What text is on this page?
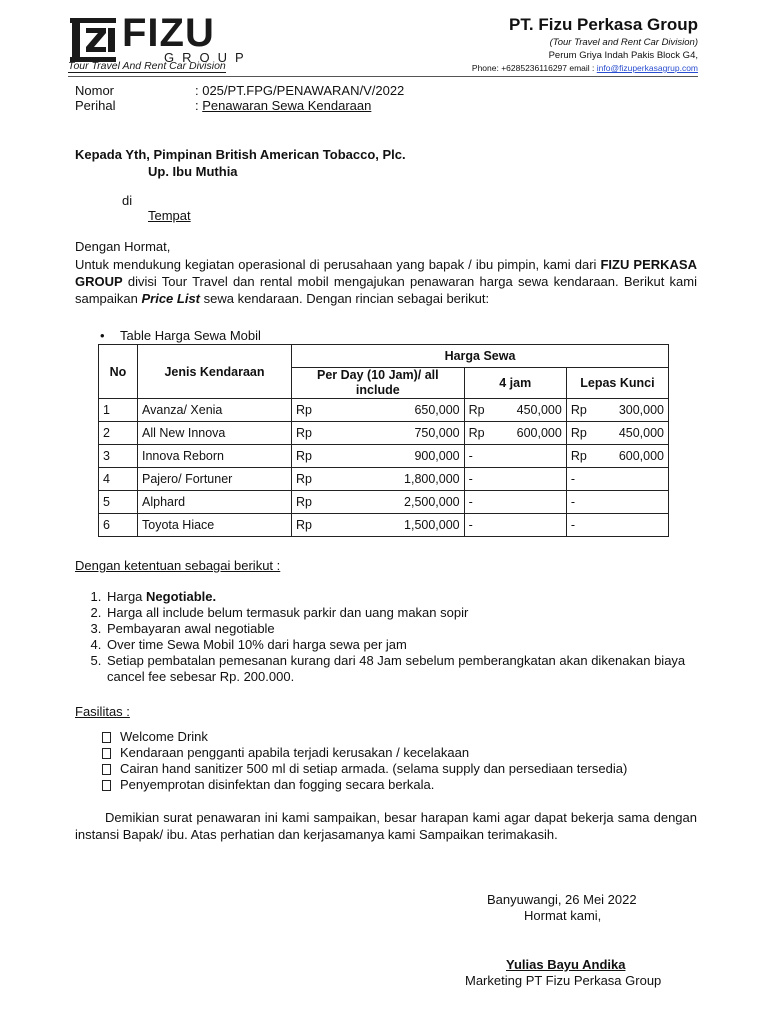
FIZU
GROUP
Tour Travel And Rent Car Division
PT. Fizu Perkasa Group
(Tour Travel and Rent Car Division)
Perum Griya Indah Pakis Block G4,
Phone: +6285236116297 email : info@fizuperkasagrup.com
Nomor	: 025/PT.FPG/PENAWARAN/V/2022
Perihal	: Penawaran Sewa Kendaraan
Kepada Yth, Pimpinan British American Tobacco, Plc.
Up. Ibu Muthia
di
Tempat
Dengan Hormat,
Untuk mendukung kegiatan operasional di perusahaan yang bapak / ibu pimpin, kami dari FIZU PERKASA GROUP divisi Tour Travel dan rental mobil mengajukan penawaran harga sewa kendaraan. Berikut kami sampaikan Price List sewa kendaraan. Dengan rincian sebagai berikut:
• Table Harga Sewa Mobil
No	Jenis Kendaraan	Harga Sewa					
		Per Day (10 Jam)/ all include		4 jam		Lepas Kunci	
1	Avanza/ Xenia	Rp	650,000	Rp	450,000	Rp	300,000
2	All New Innova	Rp	750,000	Rp	600,000	Rp	450,000
3	Innova Reborn	Rp	900,000	-		Rp	600,000
4	Pajero/ Fortuner	Rp	1,800,000	-		-	
5	Alphard	Rp	2,500,000	-		-	
6	Toyota Hiace	Rp	1,500,000	-		-	
Dengan ketentuan sebagai berikut :
1. Harga Negotiable.
2. Harga all include belum termasuk parkir dan uang makan sopir
3. Pembayaran awal negotiable
4. Over time Sewa Mobil 10% dari harga sewa per jam
5. Setiap pembatalan pemesanan kurang dari 48 Jam sebelum pemberangkatan akan dikenakan biaya cancel fee sebesar Rp. 200.000.
Fasilitas :
Welcome Drink
Kendaraan pengganti apabila terjadi kerusakan / kecelakaan
Cairan hand sanitizer 500 ml di setiap armada. (selama supply dan persediaan tersedia)
Penyemprotan disinfektan dan fogging secara berkala.
Demikian surat penawaran ini kami sampaikan, besar harapan kami agar dapat bekerja sama dengan instansi Bapak/ ibu. Atas perhatian dan kerjasamanya kami Sampaikan terimakasih.
Banyuwangi, 26 Mei 2022
Hormat kami,
Yulias Bayu Andika
Marketing PT Fizu Perkasa Group
